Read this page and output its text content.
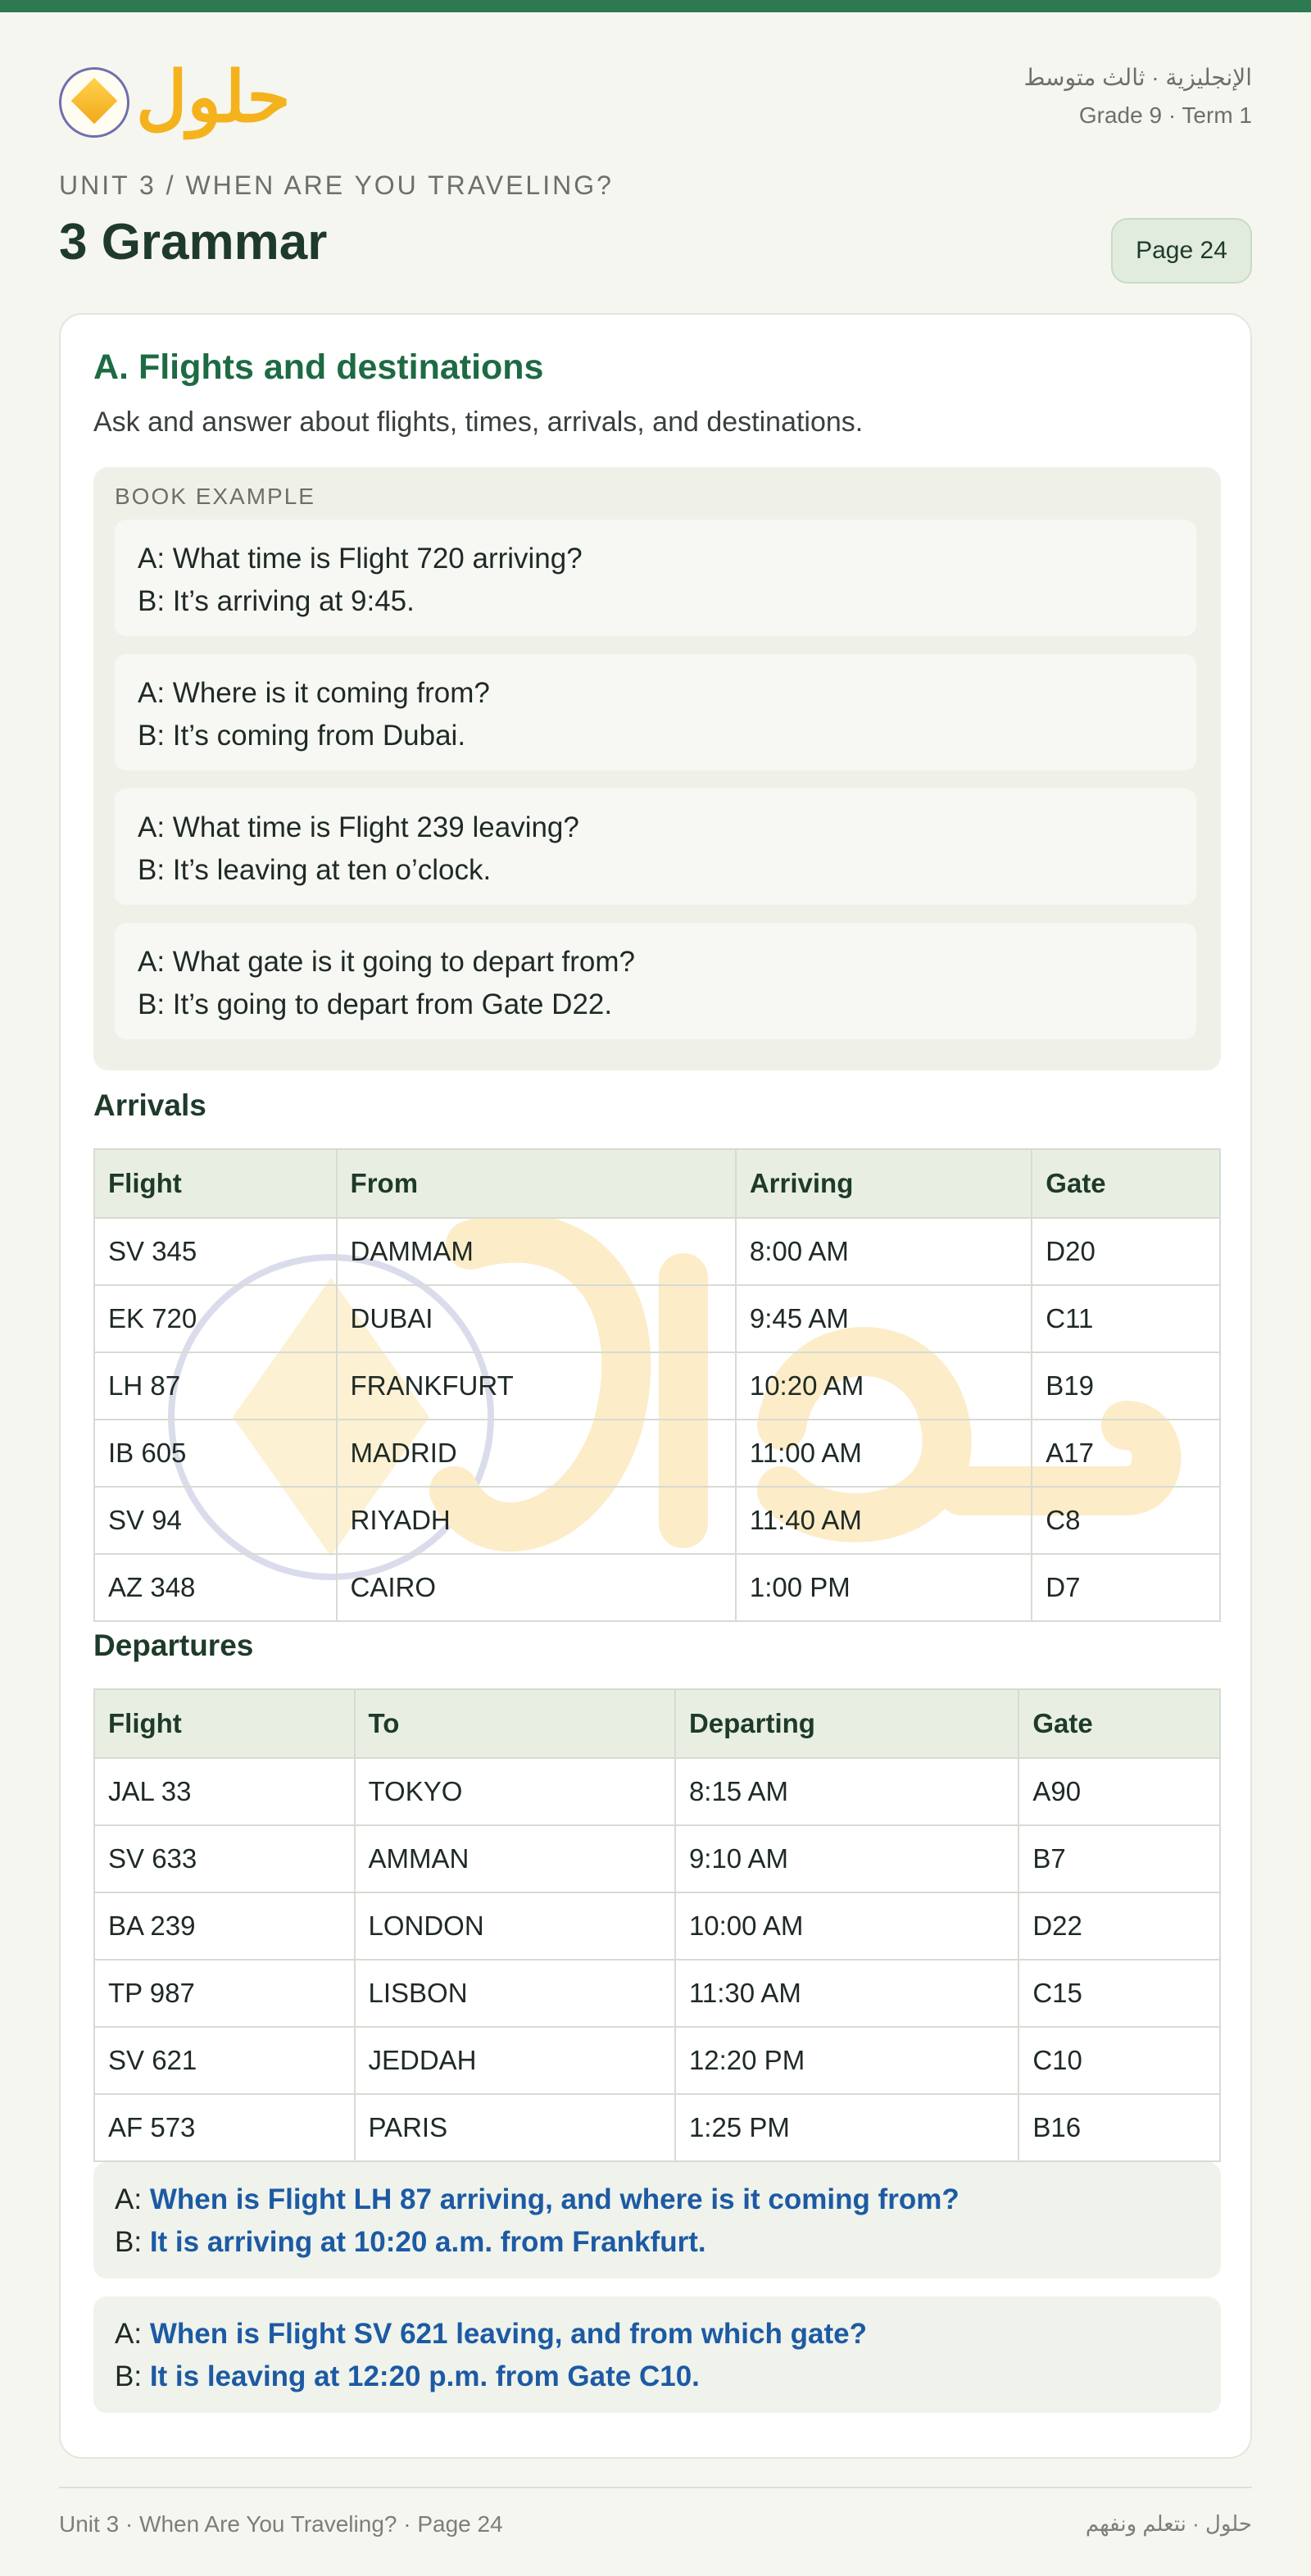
حلول	الإنجليزية · ثالث متوسط
Grade 9 · Term 1
UNIT 3 / WHEN ARE YOU TRAVELING?
3 Grammar	Page 24
A. Flights and destinations
Ask and answer about flights, times, arrivals, and destinations.
BOOK EXAMPLE
A: What time is Flight 720 arriving?
B: It’s arriving at 9:45.
A: Where is it coming from?
B: It’s coming from Dubai.
A: What time is Flight 239 leaving?
B: It’s leaving at ten o’clock.
A: What gate is it going to depart from?
B: It’s going to depart from Gate D22.
Arrivals
Flight	From	Arriving	Gate
SV 345	DAMMAM	8:00 AM	D20
EK 720	DUBAI	9:45 AM	C11
LH 87	FRANKFURT	10:20 AM	B19
IB 605	MADRID	11:00 AM	A17
SV 94	RIYADH	11:40 AM	C8
AZ 348	CAIRO	1:00 PM	D7
Departures
Flight	To	Departing	Gate
JAL 33	TOKYO	8:15 AM	A90
SV 633	AMMAN	9:10 AM	B7
BA 239	LONDON	10:00 AM	D22
TP 987	LISBON	11:30 AM	C15
SV 621	JEDDAH	12:20 PM	C10
AF 573	PARIS	1:25 PM	B16
A: When is Flight LH 87 arriving, and where is it coming from?
B: It is arriving at 10:20 a.m. from Frankfurt.
A: When is Flight SV 621 leaving, and from which gate?
B: It is leaving at 12:20 p.m. from Gate C10.
Unit 3 · When Are You Traveling? · Page 24	حلول · نتعلم ونفهم
